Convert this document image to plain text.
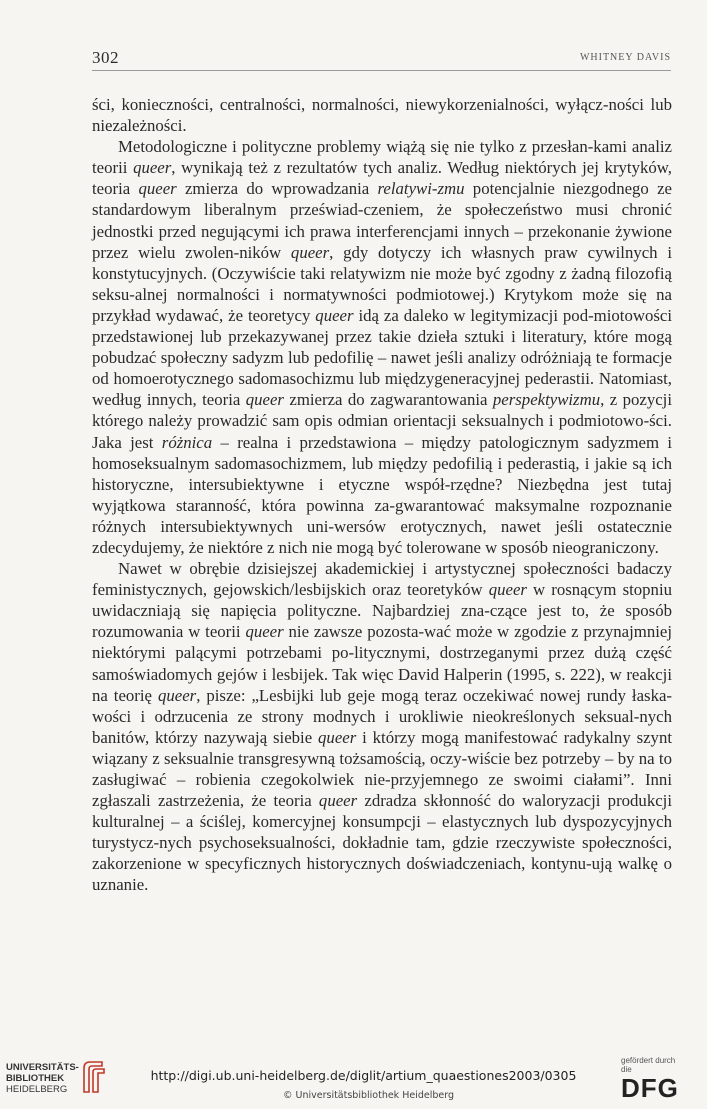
302	WHITNEY DAVIS

ści, konieczności, centralności, normalności, niewykorzenialności, wyłącz-ności lub niezależności.

Metodologiczne i polityczne problemy wiążą się nie tylko z przesłan-kami analiz teorii queer, wynikają też z rezultatów tych analiz. Według niektórych jej krytyków, teoria queer zmierza do wprowadzania relatywi-zmu potencjalnie niezgodnego ze standardowym liberalnym przeświad-czeniem, że społeczeństwo musi chronić jednostki przed negującymi ich prawa interferencjami innych – przekonanie żywione przez wielu zwolen-ników queer, gdy dotyczy ich własnych praw cywilnych i konstytucyjnych. (Oczywiście taki relatywizm nie może być zgodny z żadną filozofią seksu-alnej normalności i normatywności podmiotowej.) Krytykom może się na przykład wydawać, że teoretycy queer idą za daleko w legitymizacji pod-miotowości przedstawionej lub przekazywanej przez takie dzieła sztuki i literatury, które mogą pobudzać społeczny sadyzm lub pedofilię – nawet jeśli analizy odróżniają te formacje od homoerotycznego sadomasochizmu lub międzygeneracyjnej pederastii. Natomiast, według innych, teoria queer zmierza do zagwarantowania perspektywizmu, z pozycji którego należy prowadzić sam opis odmian orientacji seksualnych i podmiotowo-ści. Jaka jest różnica – realna i przedstawiona – między patologicznym sadyzmem i homoseksualnym sadomasochizmem, lub między pedofilią i pederastią, i jakie są ich historyczne, intersubiektywne i etyczne współ-rzędne? Niezbędna jest tutaj wyjątkowa staranność, która powinna za-gwarantować maksymalne rozpoznanie różnych intersubiektywnych uni-wersów erotycznych, nawet jeśli ostatecznie zdecydujemy, że niektóre z nich nie mogą być tolerowane w sposób nieograniczony.

Nawet w obrębie dzisiejszej akademickiej i artystycznej społeczności badaczy feministycznych, gejowskich/lesbijskich oraz teoretyków queer w rosnącym stopniu uwidaczniają się napięcia polityczne. Najbardziej zna-czące jest to, że sposób rozumowania w teorii queer nie zawsze pozosta-wać może w zgodzie z przynajmniej niektórymi palącymi potrzebami po-litycznymi, dostrzeganymi przez dużą część samoświadomych gejów i lesbijek. Tak więc David Halperin (1995, s. 222), w reakcji na teorię queer, pisze: „Lesbijki lub geje mogą teraz oczekiwać nowej rundy łaska-wości i odrzucenia ze strony modnych i urokliwie nieokreślonych seksual-nych banitów, którzy nazywają siebie queer i którzy mogą manifestować radykalny szynt wiązany z seksualnie transgresywną tożsamością, oczy-wiście bez potrzeby – by na to zasługiwać – robienia czegokolwiek nie-przyjemnego ze swoimi ciałami”. Inni zgłaszali zastrzeżenia, że teoria queer zdradza skłonność do waloryzacji produkcji kulturalnej – a ściślej, komercyjnej konsumpcji – elastycznych lub dyspozycyjnych turystycz-nych psychoseksualności, dokładnie tam, gdzie rzeczywiste społeczności, zakorzenione w specyficznych historycznych doświadczeniach, kontynu-ują walkę o uznanie.

UNIVERSITÄTS-
BIBLIOTHEK
HEIDELBERG
http://digi.ub.uni-heidelberg.de/diglit/artium_quaestiones2003/0305
© Universitätsbibliothek Heidelberg
gefördert durch die
DFG
